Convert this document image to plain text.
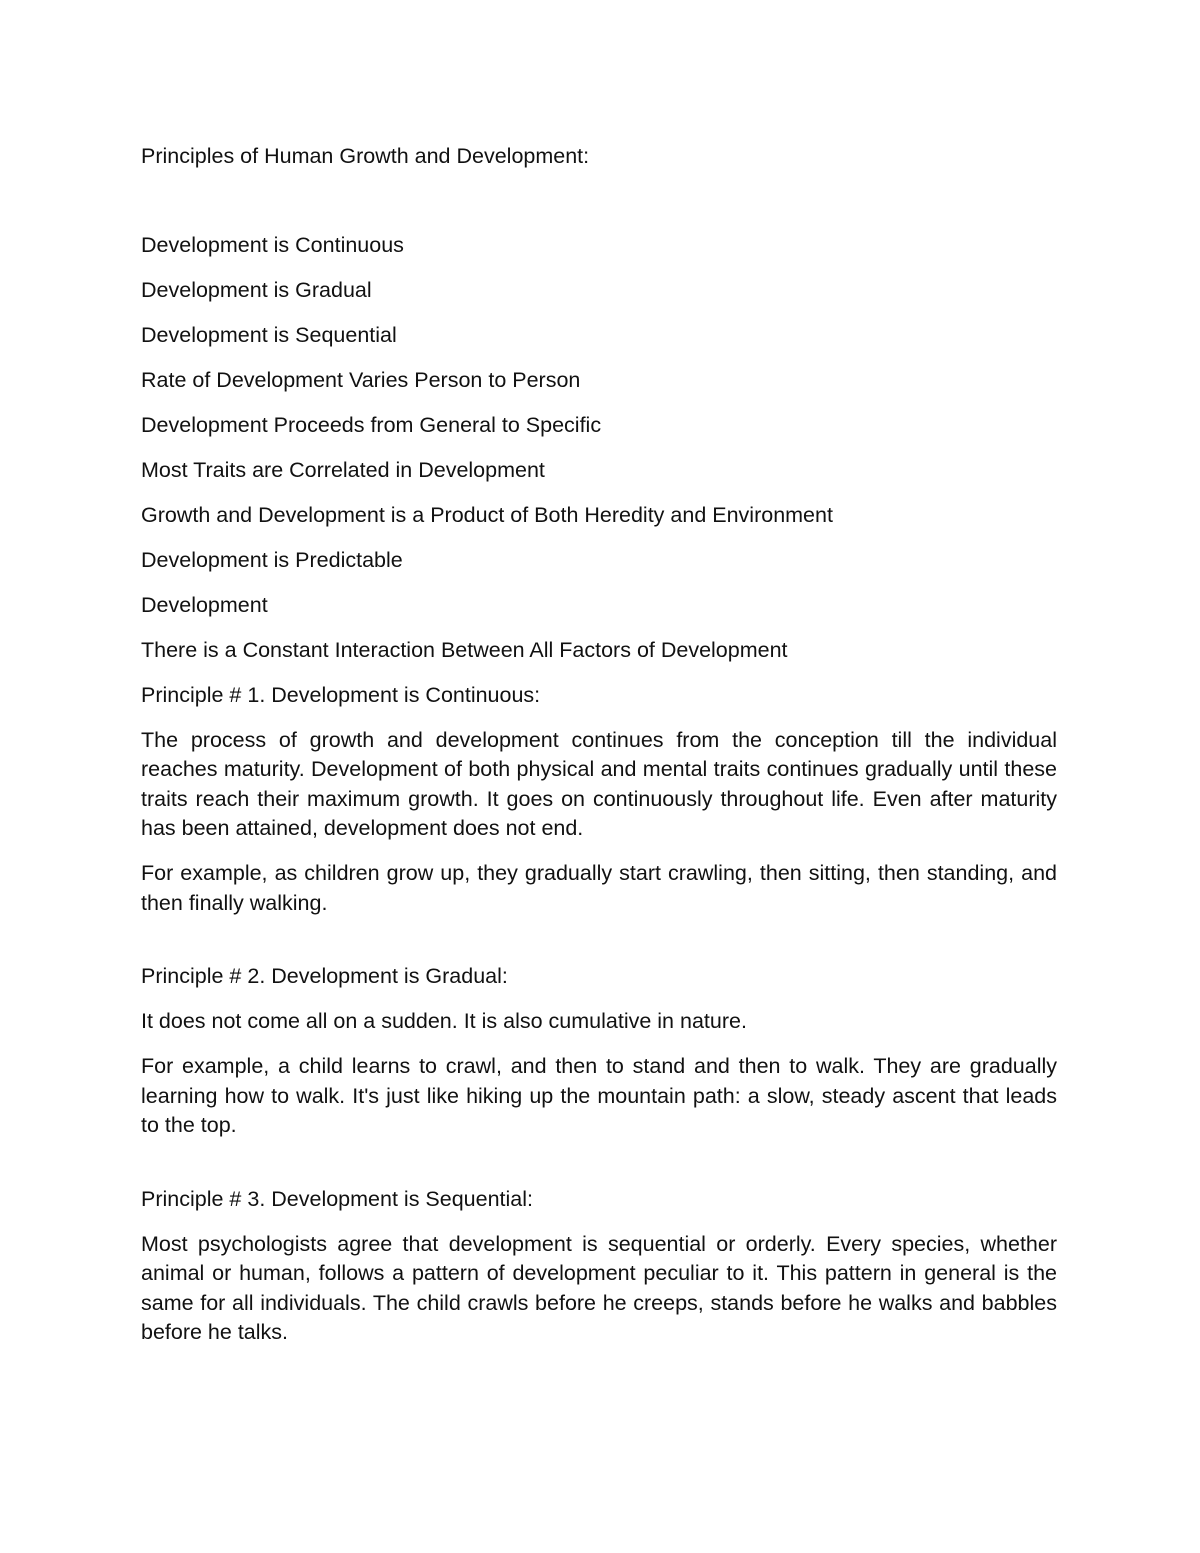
Principles of Human Growth and Development:
Development is Continuous
Development is Gradual
Development is Sequential
Rate of Development Varies Person to Person
Development Proceeds from General to Specific
Most Traits are Correlated in Development
Growth and Development is a Product of Both Heredity and Environment
Development is Predictable
Development
There is a Constant Interaction Between All Factors of Development
Principle # 1. Development is Continuous:

The process of growth and development continues from the conception till the individual reaches maturity. Development of both physical and mental traits continues gradually until these traits reach their maximum growth. It goes on continuously throughout life. Even after maturity has been attained, development does not end.

For example, as children grow up, they gradually start crawling, then sitting, then standing, and then finally walking.

Principle # 2. Development is Gradual:

It does not come all on a sudden. It is also cumulative in nature.

For example, a child learns to crawl, and then to stand and then to walk. They are gradually learning how to walk. It's just like hiking up the mountain path: a slow, steady ascent that leads to the top.

Principle # 3. Development is Sequential:

Most psychologists agree that development is sequential or orderly. Every species, whether animal or human, follows a pattern of development peculiar to it. This pattern in general is the same for all individuals. The child crawls before he creeps, stands before he walks and babbles before he talks.
